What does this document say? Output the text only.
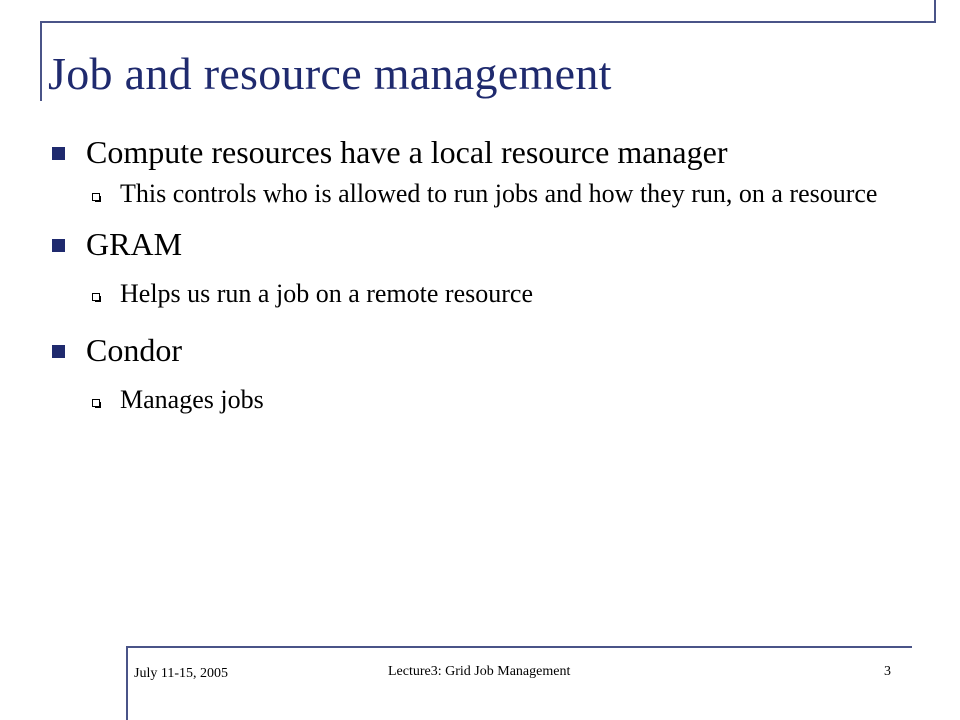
Job and resource management
Compute resources have a local resource manager
This controls who is allowed to run jobs and how they run, on a resource
GRAM
Helps us run a job on a remote resource
Condor
Manages jobs
July 11-15, 2005	Lecture3: Grid Job Management	3
